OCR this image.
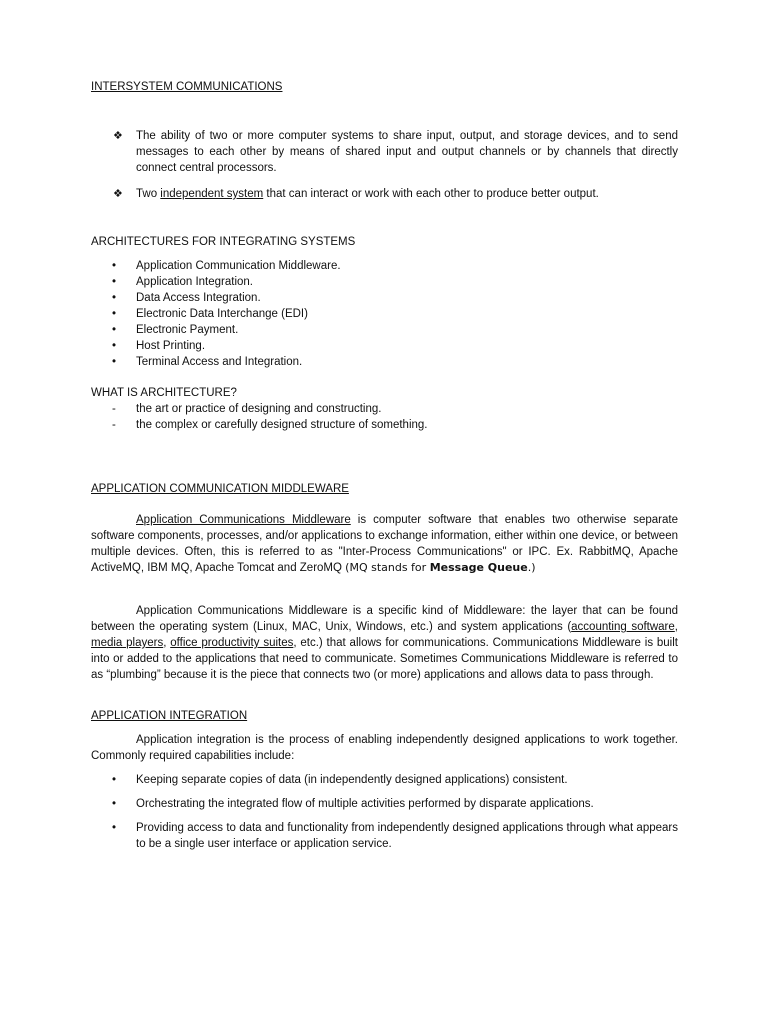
INTERSYSTEM COMMUNICATIONS
❖ The ability of two or more computer systems to share input, output, and storage devices, and to send messages to each other by means of shared input and output channels or by channels that directly connect central processors.
❖ Two independent system that can interact or work with each other to produce better output.
ARCHITECTURES FOR INTEGRATING SYSTEMS
• Application Communication Middleware.
• Application Integration.
• Data Access Integration.
• Electronic Data Interchange (EDI)
• Electronic Payment.
• Host Printing.
• Terminal Access and Integration.
WHAT IS ARCHITECTURE?
- the art or practice of designing and constructing.
- the complex or carefully designed structure of something.
APPLICATION COMMUNICATION MIDDLEWARE
Application Communications Middleware is computer software that enables two otherwise separate software components, processes, and/or applications to exchange information, either within one device, or between multiple devices. Often, this is referred to as "Inter-Process Communications" or IPC. Ex. RabbitMQ, Apache ActiveMQ, IBM MQ, Apache Tomcat and ZeroMQ (MQ stands for Message Queue.)
Application Communications Middleware is a specific kind of Middleware: the layer that can be found between the operating system (Linux, MAC, Unix, Windows, etc.) and system applications (accounting software, media players, office productivity suites, etc.) that allows for communications. Communications Middleware is built into or added to the applications that need to communicate. Sometimes Communications Middleware is referred to as “plumbing” because it is the piece that connects two (or more) applications and allows data to pass through.
APPLICATION INTEGRATION
Application integration is the process of enabling independently designed applications to work together. Commonly required capabilities include:
• Keeping separate copies of data (in independently designed applications) consistent.
• Orchestrating the integrated flow of multiple activities performed by disparate applications.
• Providing access to data and functionality from independently designed applications through what appears to be a single user interface or application service.
